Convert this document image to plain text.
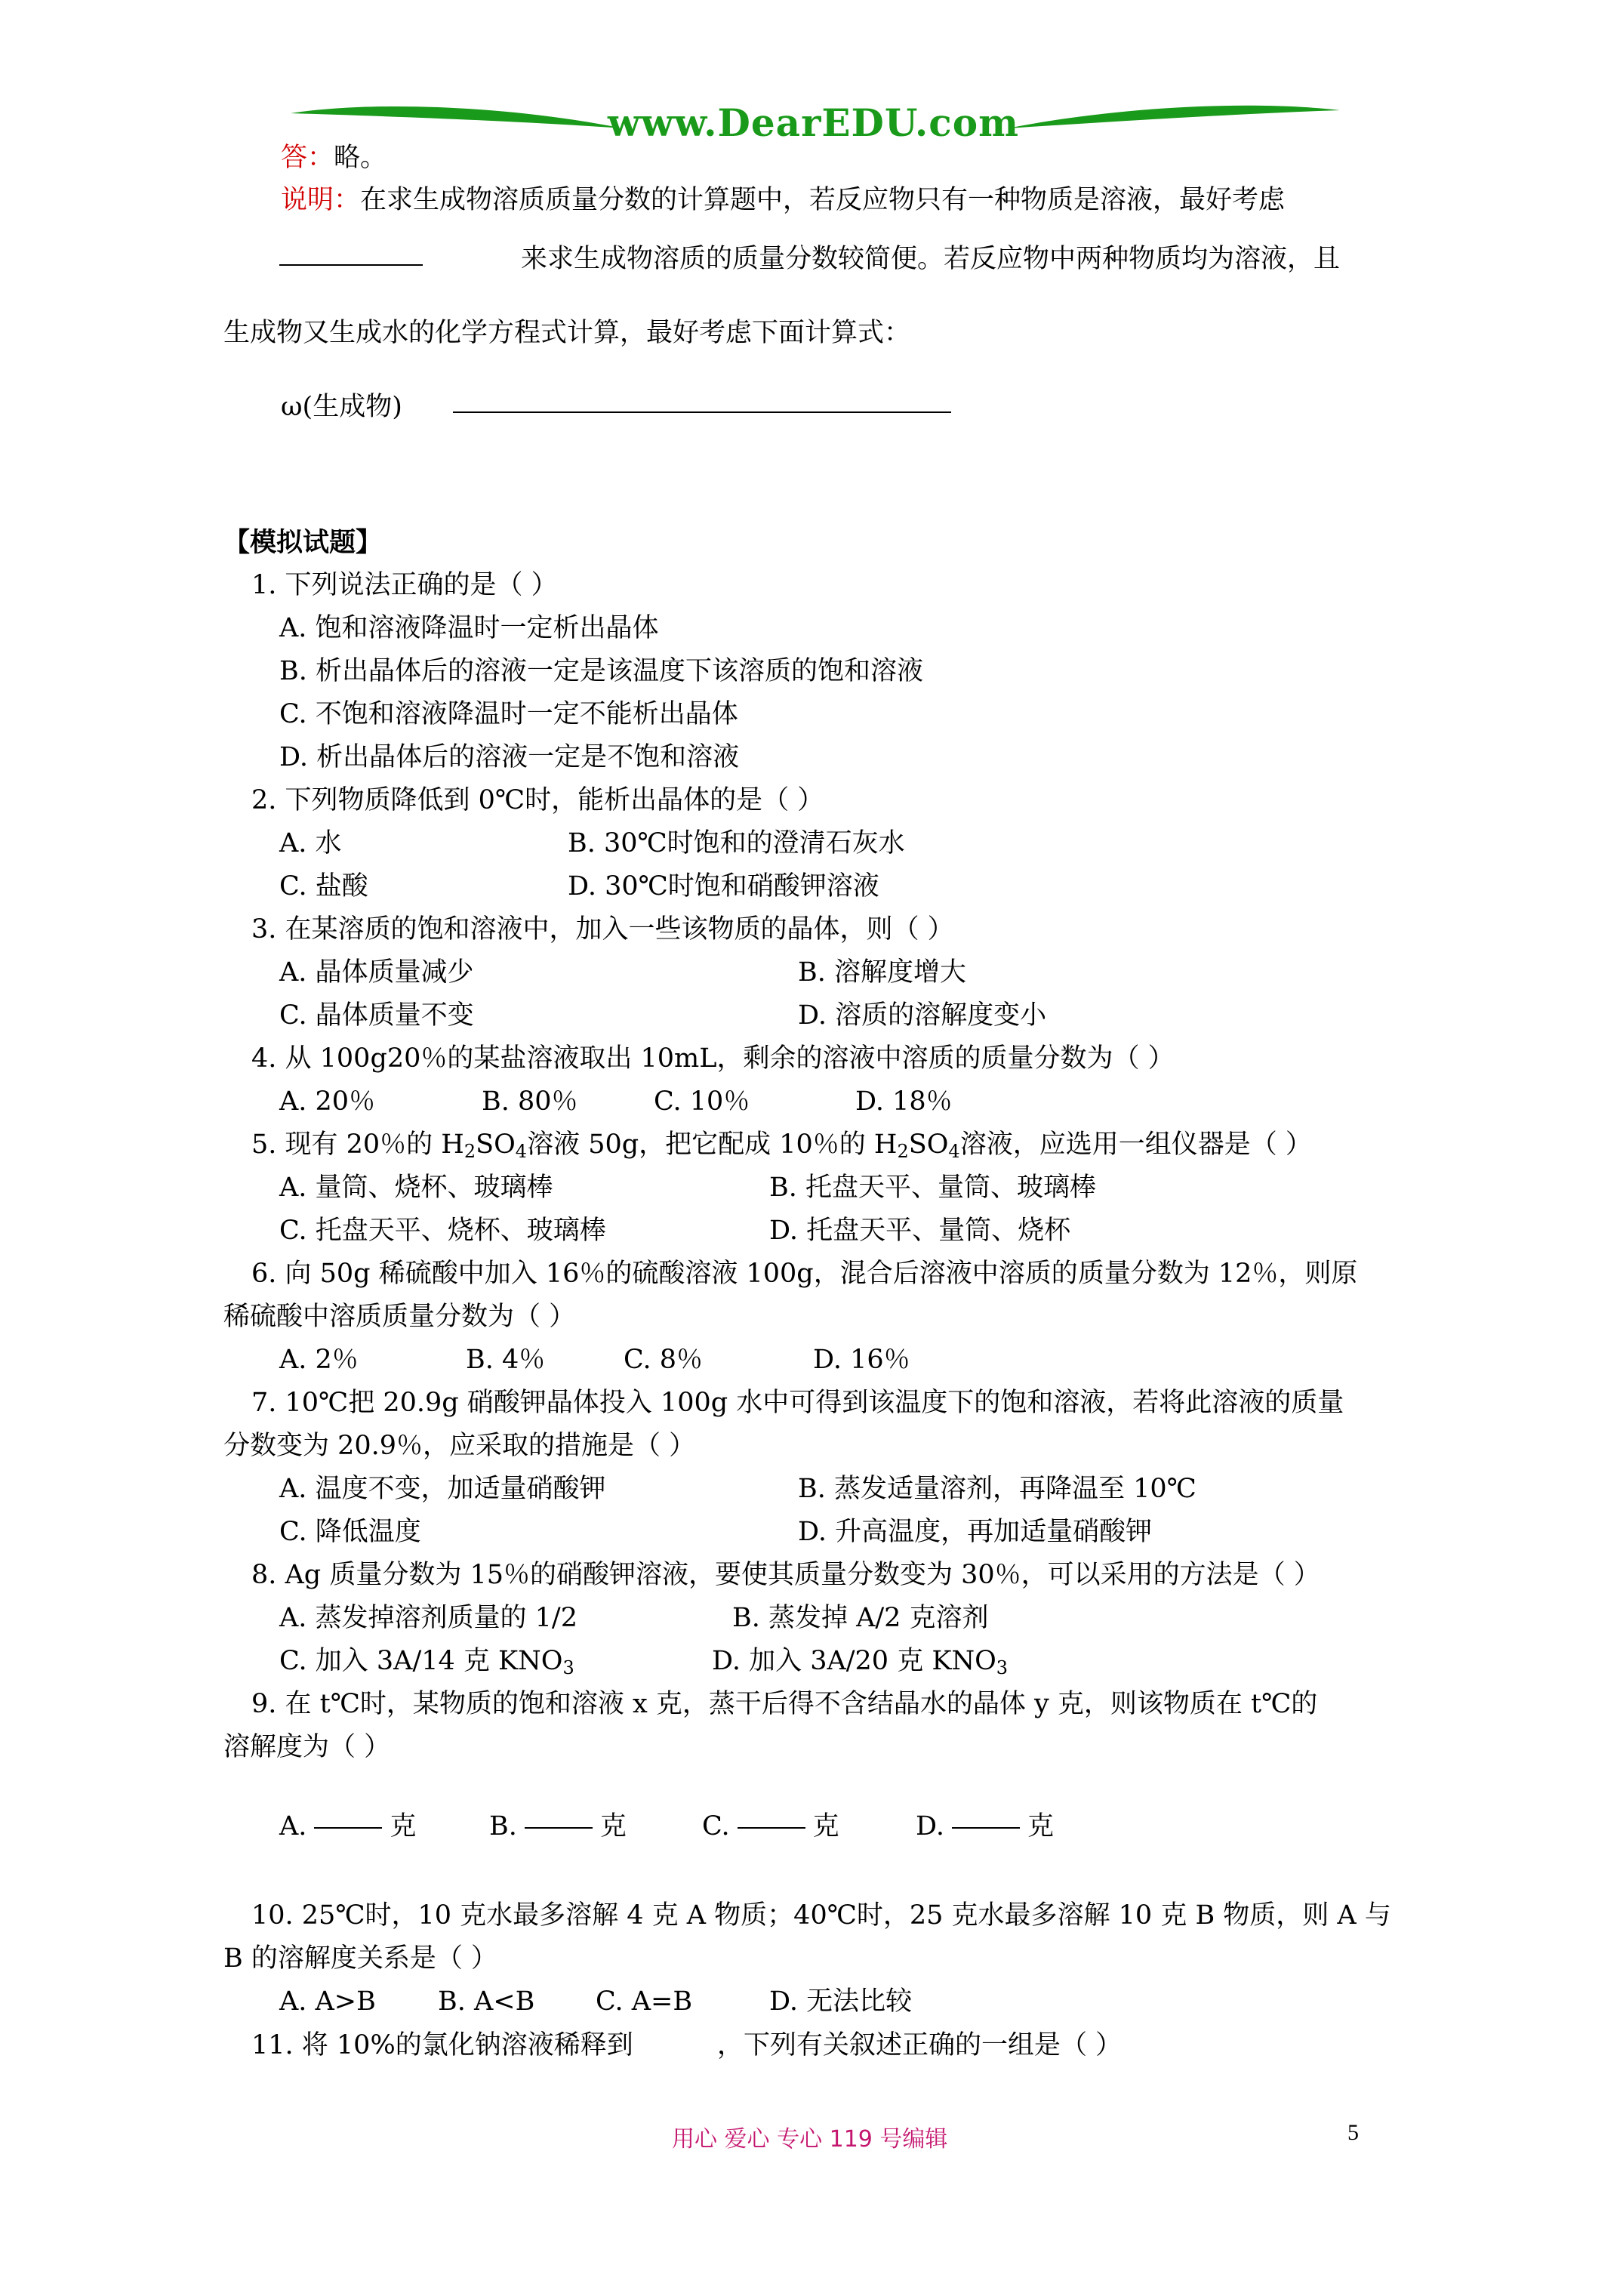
www.DearEDU.com
答：略。
说明：在求生成物溶质质量分数的计算题中，若反应物只有一种物质是溶液，最好考虑
来求生成物溶质的质量分数较简便。若反应物中两种物质均为溶液，且
生成物又生成水的化学方程式计算，最好考虑下面计算式：
ω(生成物)
【模拟试题】
1. 下列说法正确的是（ ）
A. 饱和溶液降温时一定析出晶体
B. 析出晶体后的溶液一定是该温度下该溶质的饱和溶液
C. 不饱和溶液降温时一定不能析出晶体
D. 析出晶体后的溶液一定是不饱和溶液
2. 下列物质降低到 0℃时，能析出晶体的是（ ）
A. 水	B. 30℃时饱和的澄清石灰水
C. 盐酸	D. 30℃时饱和硝酸钾溶液
3. 在某溶质的饱和溶液中，加入一些该物质的晶体，则（ ）
A. 晶体质量减少	B. 溶解度增大
C. 晶体质量不变	D. 溶质的溶解度变小
4. 从 100g20％的某盐溶液取出 10mL，剩余的溶液中溶质的质量分数为（ ）
A. 20％	B. 80％	C. 10％	D. 18％
5. 现有 20％的 $H_2SO_4$溶液 50g，把它配成 10％的 $H_2SO_4$溶液，应选用一组仪器是（ ）
A. 量筒、烧杯、玻璃棒	B. 托盘天平、量筒、玻璃棒
C. 托盘天平、烧杯、玻璃棒	D. 托盘天平、量筒、烧杯
6. 向 50g 稀硫酸中加入 16％的硫酸溶液 100g，混合后溶液中溶质的质量分数为 12％，则原
稀硫酸中溶质质量分数为（ ）
A. 2％	B. 4％	C. 8％	D. 16％
7. 10℃把 20.9g 硝酸钾晶体投入 100g 水中可得到该温度下的饱和溶液，若将此溶液的质量
分数变为 20.9％，应采取的措施是（ ）
A. 温度不变，加适量硝酸钾	B. 蒸发适量溶剂，再降温至 10℃
C. 降低温度	D. 升高温度，再加适量硝酸钾
8. Ag 质量分数为 15％的硝酸钾溶液，要使其质量分数变为 30％，可以采用的方法是（ ）
A. 蒸发掉溶剂质量的 1/2	B. 蒸发掉 A/2 克溶剂
C. 加入 3A/14 克 $KNO_3$	D. 加入 3A/20 克 $KNO_3$
9. 在 t℃时，某物质的饱和溶液 x 克，蒸干后得不含结晶水的晶体 y 克，则该物质在 t℃的
溶解度为（ ）
A.	克	B.	克	C.	克	D.	克
10. 25℃时，10 克水最多溶解 4 克 A 物质；40℃时，25 克水最多溶解 10 克 B 物质，则 A 与
B 的溶解度关系是（ ）
A. A>B B. A<B C. A=B	D. 无法比较
11. 将 10%的氯化钠溶液稀释到	，下列有关叙述正确的一组是（ ）
用心 爱心 专心 119 号编辑	5
